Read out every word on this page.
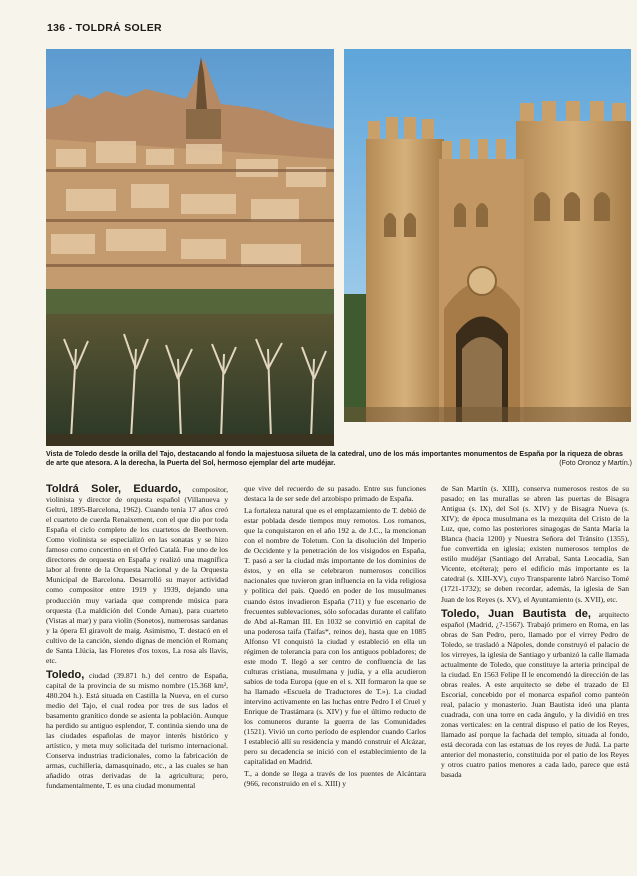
136 - TOLDRÁ SOLER
Vista de Toledo desde la orilla del Tajo, destacando al fondo la majestuosa silueta de la catedral, uno de los más importantes monumentos de España por la riqueza de obras de arte que atesora. A la derecha, la Puerta del Sol, hermoso ejemplar del arte mudéjar.	(Foto Oronoz y Martín.)

Toldrá Soler, Eduardo, compositor, violinista y director de orquesta español (Villanueva y Geltrú, 1895-Barcelona, 1962). Cuando tenía 17 años creó el cuarteto de cuerda Renaixement, con el que dio por toda España el ciclo completo de los cuartetos de Beethoven. Como violinista se especializó en las sonatas y se hizo famoso como concertino en el Orfeó Català. Fue uno de los directores de orquesta en España y realizó una magnífica labor al frente de la Orquesta Nacional y de la Orquesta Municipal de Barcelona. Desarrolló su mayor actividad como compositor entre 1919 y 1939, dejando una producción muy variada que comprende música para orquesta (La maldición del Conde Arnau), para cuarteto (Vistas al mar) y para violín (Sonetos), numerosas sardanas y la ópera El giravolt de maig. Asimismo, T. destacó en el cultivo de la canción, siendo dignas de mención el Romanç de Santa Llúcia, las Floretes d'os toxos, La rosa als llavis, etc.

Toledo, ciudad (39.871 h.) del centro de España, capital de la provincia de su mismo nombre (15.368 km², 480.204 h.). Está situada en Castilla la Nueva, en el curso medio del Tajo, el cual rodea por tres de sus lados el basamento granítico donde se asienta la población. Aunque ha perdido su antiguo esplendor, T. continúa siendo una de las ciudades españolas de mayor interés histórico y artístico, y meta muy solicitada del turismo internacional. Conserva industrias tradicionales, como la fabricación de armas, cuchillería, damasquinado, etc., a las cuales se han añadido otras derivadas de la agricultura; pero, fundamentalmente, T. es una ciudad monumental

que vive del recuerdo de su pasado. Entre sus funciones destaca la de ser sede del arzobispo primado de España.

La fortaleza natural que es el emplazamiento de T. debió de estar poblada desde tiempos muy remotos. Los romanos, que la conquistaron en el año 192 a. de J.C., la mencionan con el nombre de Toletum. Con la disolución del Imperio de Occidente y la penetración de los visigodos en España, T. pasó a ser la ciudad más importante de los dominios de éstos, y en ella se celebraron numerosos concilios nacionales que tuvieron gran influencia en la vida religiosa y política del país. Quedó en poder de los musulmanes cuando éstos invadieron España (711) y fue escenario de frecuentes sublevaciones, sólo sofocadas durante el califato de Abd al-Raman III. En 1032 se convirtió en capital de una poderosa taifa (Taifas*, reinos de), hasta que en 1085 Alfonso VI conquistó la ciudad y estableció en ella un régimen de tolerancia para con los antiguos pobladores; de este modo T. llegó a ser centro de confluencia de las culturas cristiana, musulmana y judía, y a ella acudieron sabios de toda Europa (que en el s. XII formaron la que se ha llamado «Escuela de Traductores de T.»). La ciudad intervino activamente en las luchas entre Pedro I el Cruel y Enrique de Trastámara (s. XIV) y fue el último reducto de los comuneros durante la guerra de las Comunidades (1521). Vivió un corto período de esplendor cuando Carlos I estableció allí su residencia y mandó construir el Alcázar, pero su decadencia se inició con el establecimiento de la capitalidad en Madrid.

T., a donde se llega a través de los puentes de Alcántara (966, reconstruido en el s. XIII) y

de San Martín (s. XIII), conserva numerosos restos de su pasado; en las murallas se abren las puertas de Bisagra Antigua (s. IX), del Sol (s. XIV) y de Bisagra Nueva (s. XIV); de época musulmana es la mezquita del Cristo de la Luz, que, como las posteriores sinagogas de Santa María la Blanca (hacia 1200) y Nuestra Señora del Tránsito (1355), fue convertida en iglesia; existen numerosos templos de estilo mudéjar (Santiago del Arrabal, Santa Leocadia, San Vicente, etcétera); pero el edificio más importante es la catedral (s. XIII-XV), cuyo Transparente labró Narciso Tomé (1721-1732); se deben recordar, además, la iglesia de San Juan de los Reyes (s. XV), el Ayuntamiento (s. XVII), etc.

Toledo, Juan Bautista de, arquitecto español (Madrid, ¿?-1567). Trabajó primero en Roma, en las obras de San Pedro, pero, llamado por el virrey Pedro de Toledo, se trasladó a Nápoles, donde construyó el palacio de los virreyes, la iglesia de Santiago y urbanizó la calle llamada actualmente de Toledo, que constituye la arteria principal de la ciudad. En 1563 Felipe II le encomendó la dirección de las obras reales. A este arquitecto se debe el trazado de El Escorial, concebido por el monarca español como panteón real, palacio y monasterio. Juan Bautista ideó una planta cuadrada, con una torre en cada ángulo, y la dividió en tres zonas verticales: en la central dispuso el patio de los Reyes, llamado así porque la fachada del templo, situada al fondo, está decorada con las estatuas de los reyes de Judá. La parte anterior del monasterio, constituida por el patio de los Reyes y otros cuatro patios menores a cada lado, parece que está basada
